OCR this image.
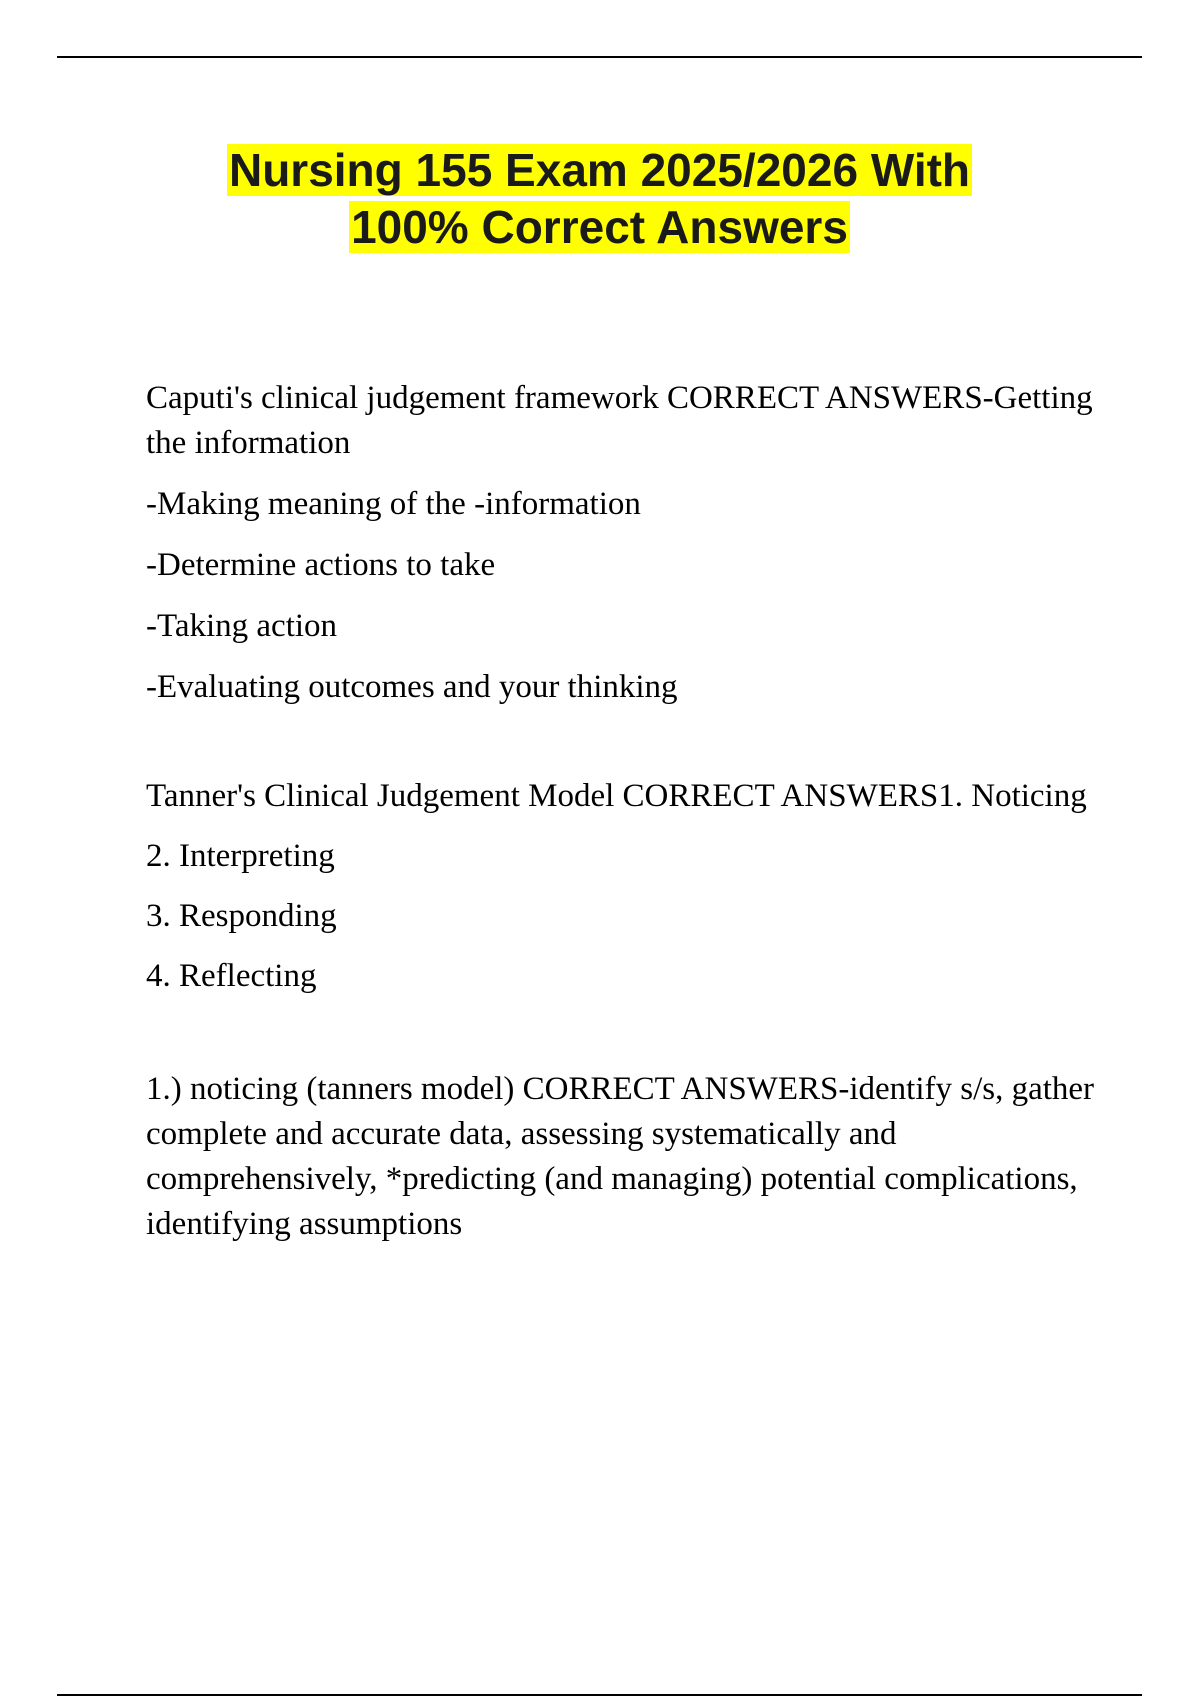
Nursing 155 Exam 2025/2026 With
100% Correct Answers

Caputi's clinical judgement framework CORRECT ANSWERS-Getting the information

-Making meaning of the -information

-Determine actions to take

-Taking action

-Evaluating outcomes and your thinking

Tanner's Clinical Judgement Model CORRECT ANSWERS1. Noticing

2. Interpreting

3. Responding

4. Reflecting

1.) noticing (tanners model) CORRECT ANSWERS-identify s/s, gather complete and accurate data, assessing systematically and comprehensively, *predicting (and managing) potential complications, identifying assumptions
